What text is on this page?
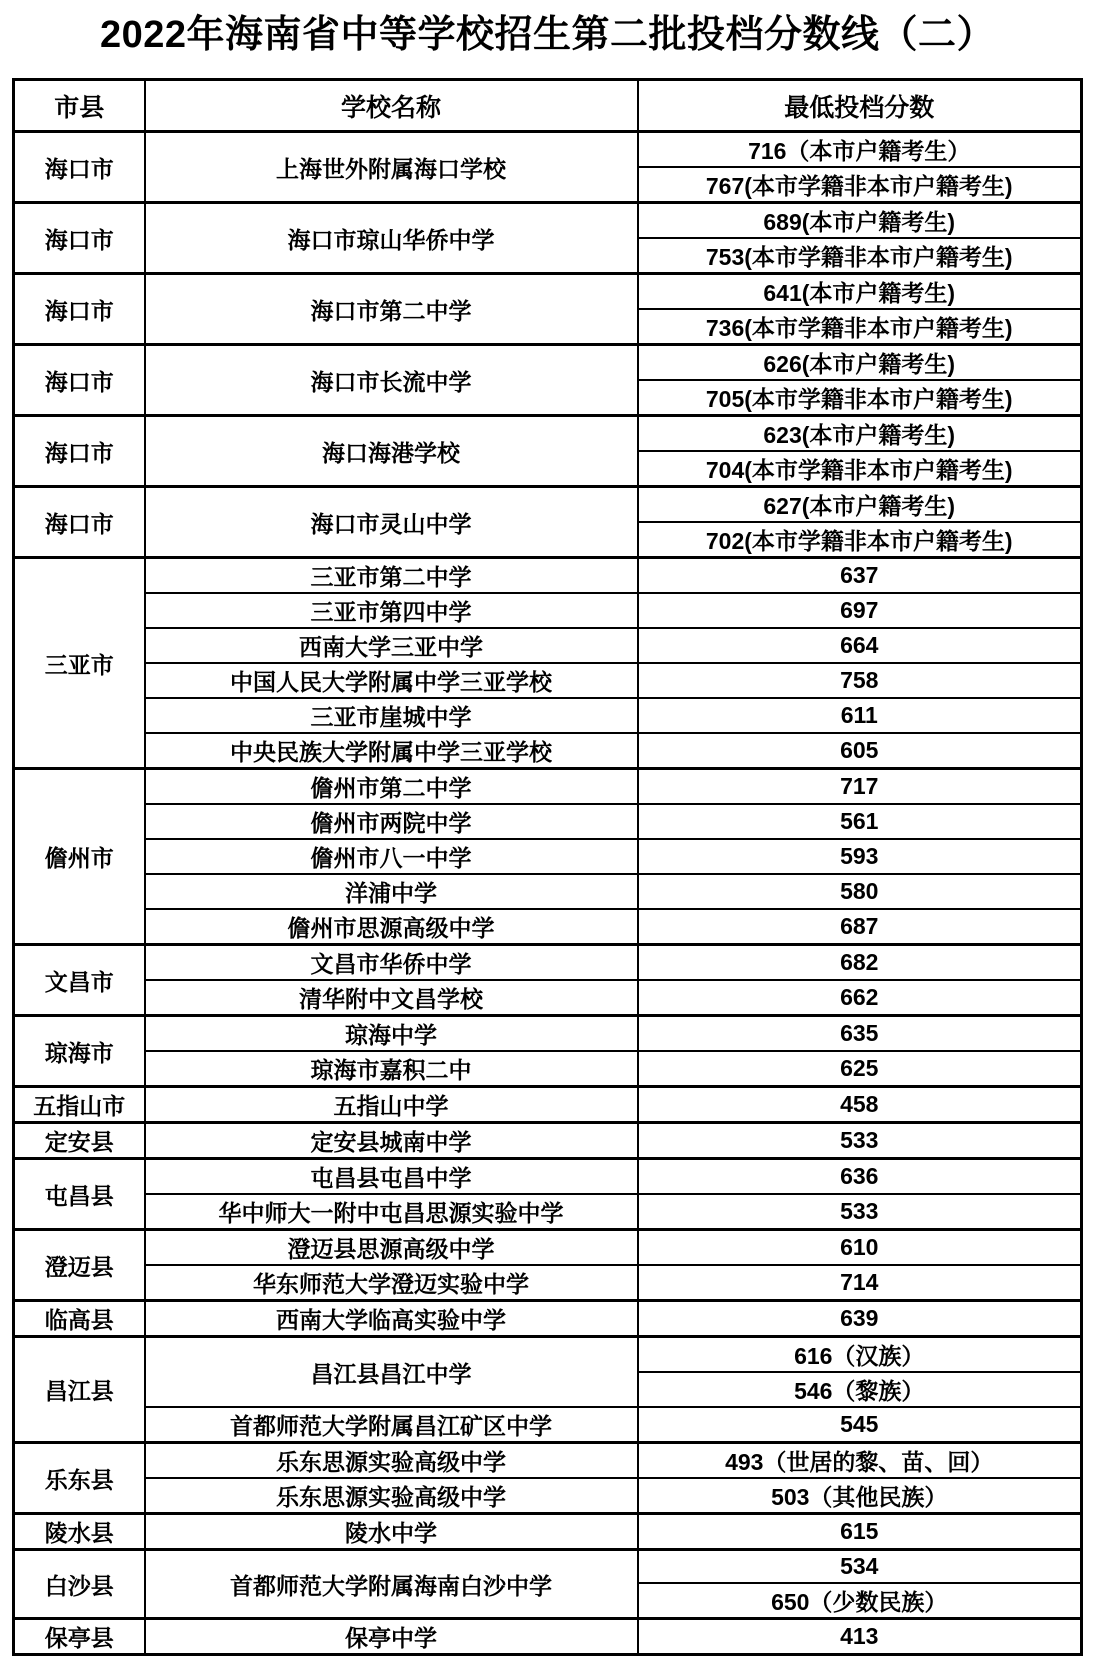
2022年海南省中等学校招生第二批投档分数线（二）
市县	学校名称	最低投档分数
海口市	上海世外附属海口学校	716（本市户籍考生）
		767(本市学籍非本市户籍考生)
海口市	海口市琼山华侨中学	689(本市户籍考生)
		753(本市学籍非本市户籍考生)
海口市	海口市第二中学	641(本市户籍考生)
		736(本市学籍非本市户籍考生)
海口市	海口市长流中学	626(本市户籍考生)
		705(本市学籍非本市户籍考生)
海口市	海口海港学校	623(本市户籍考生)
		704(本市学籍非本市户籍考生)
海口市	海口市灵山中学	627(本市户籍考生)
		702(本市学籍非本市户籍考生)
三亚市	三亚市第二中学	637
	三亚市第四中学	697
	西南大学三亚中学	664
	中国人民大学附属中学三亚学校	758
	三亚市崖城中学	611
	中央民族大学附属中学三亚学校	605
儋州市	儋州市第二中学	717
	儋州市两院中学	561
	儋州市八一中学	593
	洋浦中学	580
	儋州市思源高级中学	687
文昌市	文昌市华侨中学	682
	清华附中文昌学校	662
琼海市	琼海中学	635
	琼海市嘉积二中	625
五指山市	五指山中学	458
定安县	定安县城南中学	533
屯昌县	屯昌县屯昌中学	636
	华中师大一附中屯昌思源实验中学	533
澄迈县	澄迈县思源高级中学	610
	华东师范大学澄迈实验中学	714
临高县	西南大学临高实验中学	639
昌江县	昌江县昌江中学	616（汉族）
		546（黎族）
	首都师范大学附属昌江矿区中学	545
乐东县	乐东思源实验高级中学	493（世居的黎、苗、回）
	乐东思源实验高级中学	503（其他民族）
陵水县	陵水中学	615
白沙县	首都师范大学附属海南白沙中学	534
		650（少数民族）
保亭县	保亭中学	413
